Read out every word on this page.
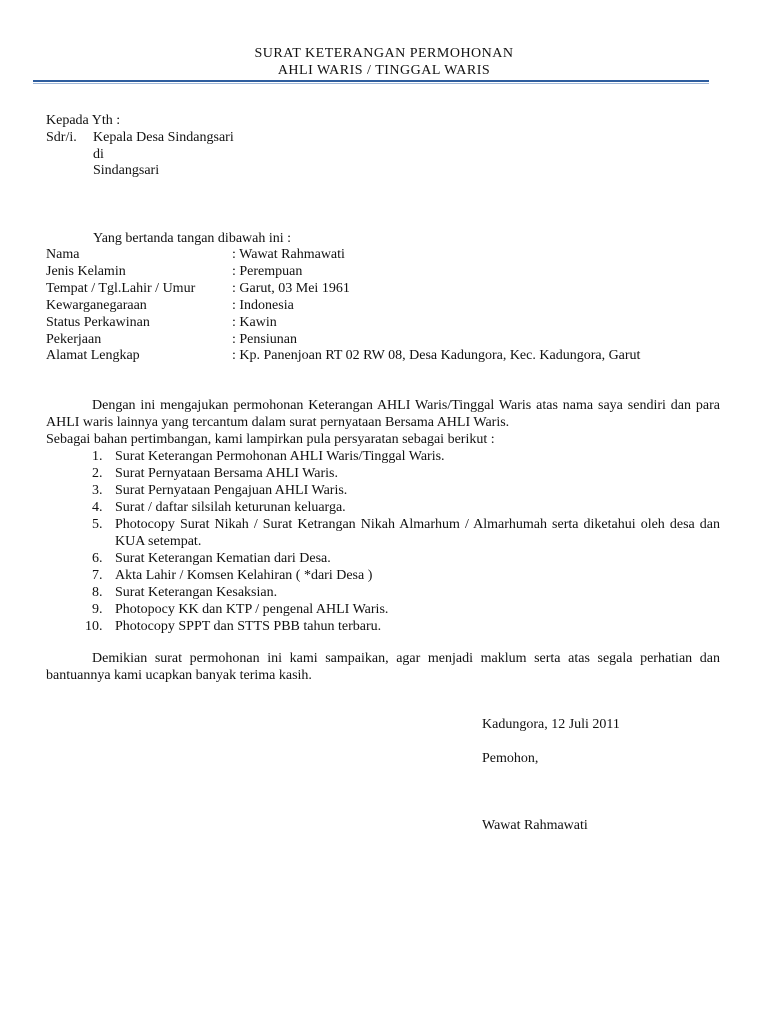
SURAT KETERANGAN PERMOHONAN
AHLI WARIS / TINGGAL WARIS
Kepada Yth :
Sdr/i. Kepala Desa Sindangsari
di
Sindangsari
Yang bertanda tangan dibawah ini :
Nama	: Wawat Rahmawati
Jenis Kelamin	: Perempuan
Tempat / Tgl.Lahir / Umur	: Garut, 03 Mei 1961
Kewarganegaraan	: Indonesia
Status Perkawinan	: Kawin
Pekerjaan	: Pensiunan
Alamat Lengkap	: Kp. Panenjoan RT 02 RW 08, Desa Kadungora, Kec. Kadungora, Garut
Dengan ini mengajukan permohonan Keterangan AHLI Waris/Tinggal Waris atas nama saya sendiri dan para AHLI waris lainnya yang tercantum dalam surat pernyataan Bersama AHLI Waris.
Sebagai bahan pertimbangan, kami lampirkan pula persyaratan sebagai berikut :
1. Surat Keterangan Permohonan AHLI Waris/Tinggal Waris.
2. Surat Pernyataan Bersama AHLI Waris.
3. Surat Pernyataan Pengajuan AHLI Waris.
4. Surat / daftar silsilah keturunan keluarga.
5. Photocopy Surat Nikah / Surat Ketrangan Nikah Almarhum / Almarhumah serta diketahui oleh desa dan KUA setempat.
6. Surat Keterangan Kematian dari Desa.
7. Akta Lahir / Komsen Kelahiran ( *dari Desa )
8. Surat Keterangan Kesaksian.
9. Photopocy KK dan KTP / pengenal AHLI Waris.
10. Photocopy SPPT dan STTS PBB tahun terbaru.
Demikian surat permohonan ini kami sampaikan, agar menjadi maklum serta atas segala perhatian dan bantuannya kami ucapkan banyak terima kasih.
Kadungora, 12 Juli 2011
Pemohon,
Wawat Rahmawati
